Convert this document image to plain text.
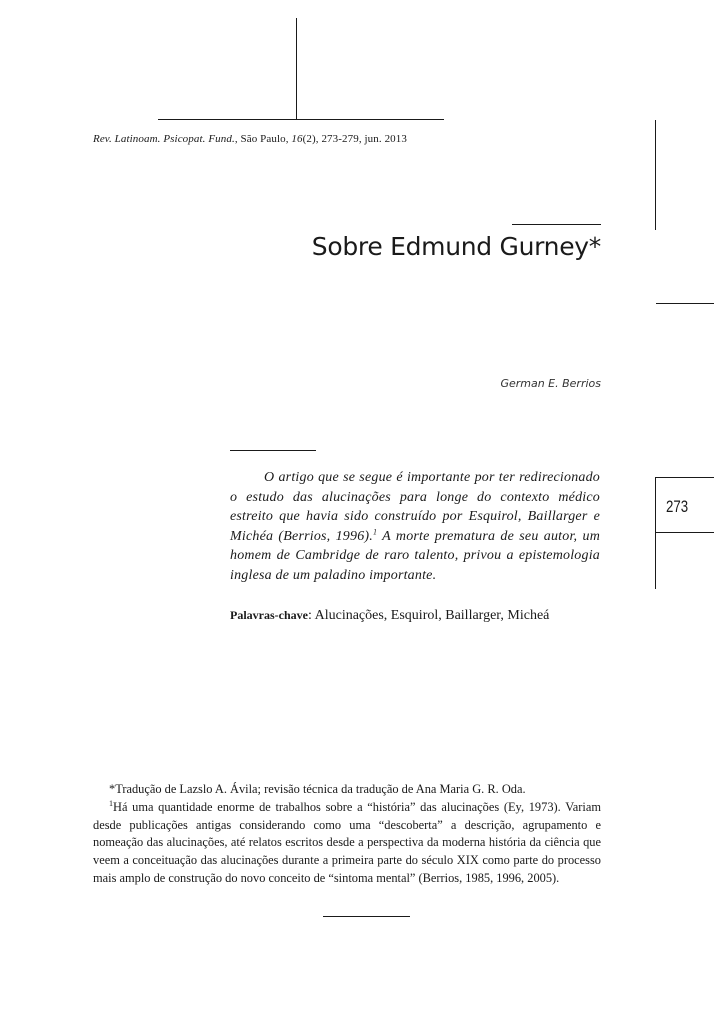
Rev. Latinoam. Psicopat. Fund., São Paulo, 16(2), 273-279, jun. 2013
Sobre Edmund Gurney*
German E. Berrios
273

O artigo que se segue é importante por ter redirecionado o estudo das alucinações para longe do contexto médico estreito que havia sido construído por Esquirol, Baillarger e Michéa (Berrios, 1996).$^1$ A morte prematura de seu autor, um homem de Cambridge de raro talento, privou a epistemologia inglesa de um paladino importante.

Palavras-chave: Alucinações, Esquirol, Baillarger, Micheá

*Tradução de Lazslo A. Ávila; revisão técnica da tradução de Ana Maria G. R. Oda.

$^1$Há uma quantidade enorme de trabalhos sobre a “história” das alucinações (Ey, 1973). Variam desde publicações antigas considerando como uma “descoberta” a descrição, agrupamento e nomeação das alucinações, até relatos escritos desde a perspectiva da moderna história da ciência que veem a conceituação das alucinações durante a primeira parte do século XIX como parte do processo mais amplo de construção do novo conceito de “sintoma mental” (Berrios, 1985, 1996, 2005).
